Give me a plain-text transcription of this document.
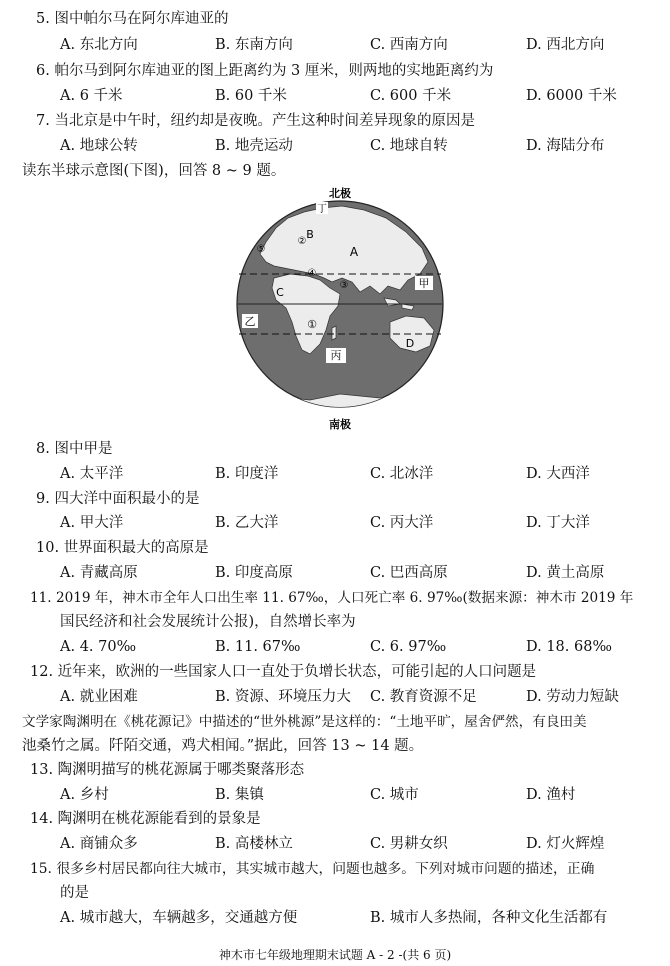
5. 图中帕尔马在阿尔库迪亚的
A. 东北方向	B. 东南方向	C. 西南方向	D. 西北方向
6. 帕尔马到阿尔库迪亚的图上距离约为 3 厘米，则两地的实地距离约为
A. 6 千米	B. 60 千米	C. 600 千米	D. 6000 千米
7. 当北京是中午时，纽约却是夜晚。产生这种时间差异现象的原因是
A. 地球公转	B. 地壳运动	C. 地球自转	D. 海陆分布
读东半球示意图(下图)，回答 8 ~ 9 题。
北极
丁
B
A
甲
C
乙
丙
D
①
②
③
④
⑤
南极
8. 图中甲是
A. 太平洋	B. 印度洋	C. 北冰洋	D. 大西洋
9. 四大洋中面积最小的是
A. 甲大洋	B. 乙大洋	C. 丙大洋	D. 丁大洋
10. 世界面积最大的高原是
A. 青藏高原	B. 印度高原	C. 巴西高原	D. 黄土高原
11. 2019 年，神木市全年人口出生率 11. 67‰，人口死亡率 6. 97‰(数据来源：神木市 2019 年
国民经济和社会发展统计公报)，自然增长率为
A. 4. 70‰	B. 11. 67‰	C. 6. 97‰	D. 18. 68‰
12. 近年来，欧洲的一些国家人口一直处于负增长状态，可能引起的人口问题是
A. 就业困难	B. 资源、环境压力大 C. 教育资源不足	D. 劳动力短缺
文学家陶渊明在《桃花源记》中描述的“世外桃源”是这样的：“土地平旷，屋舍俨然，有良田美
池桑竹之属。阡陌交通，鸡犬相闻。”据此，回答 13 ~ 14 题。
13. 陶渊明描写的桃花源属于哪类聚落形态
A. 乡村	B. 集镇	C. 城市	D. 渔村
14. 陶渊明在桃花源能看到的景象是
A. 商铺众多	B. 高楼林立	C. 男耕女织	D. 灯火辉煌
15. 很多乡村居民都向往大城市，其实城市越大，问题也越多。下列对城市问题的描述，正确
的是
A. 城市越大，车辆越多，交通越方便	B. 城市人多热闹，各种文化生活都有
神木市七年级地理期末试题 A - 2 -(共 6 页)
